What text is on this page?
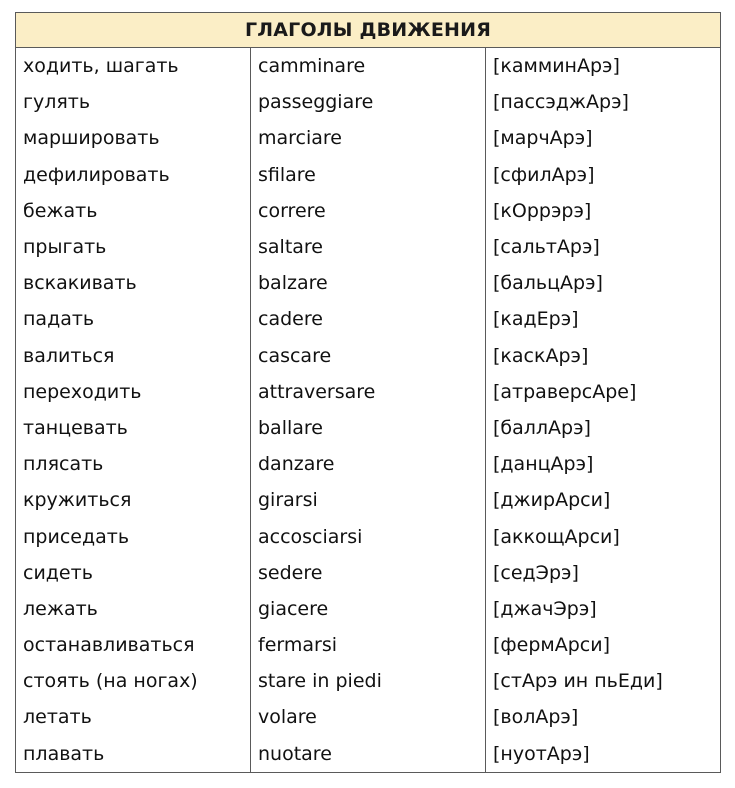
ГЛАГОЛЫ ДВИЖЕНИЯ		
ходить, шагать	camminare	[камминАрэ]
гулять	passeggiare	[пассэджАрэ]
маршировать	marciare	[марчАрэ]
дефилировать	sfilare	[сфилАрэ]
бежать	correre	[кОррэрэ]
прыгать	saltare	[сальтАрэ]
вскакивать	balzare	[бальцАрэ]
падать	cadere	[кадЕрэ]
валиться	cascare	[каскАрэ]
переходить	attraversare	[атраверсАре]
танцевать	ballare	[баллАрэ]
плясать	danzare	[данцАрэ]
кружиться	girarsi	[джирАрси]
приседать	accosciarsi	[аккощАрси]
сидеть	sedere	[седЭрэ]
лежать	giacere	[джачЭрэ]
останавливаться	fermarsi	[фермАрси]
стоять (на ногах)	stare in piedi	[стАрэ ин пьЕди]
летать	volare	[волАрэ]
плавать	nuotare	[нуотАрэ]
